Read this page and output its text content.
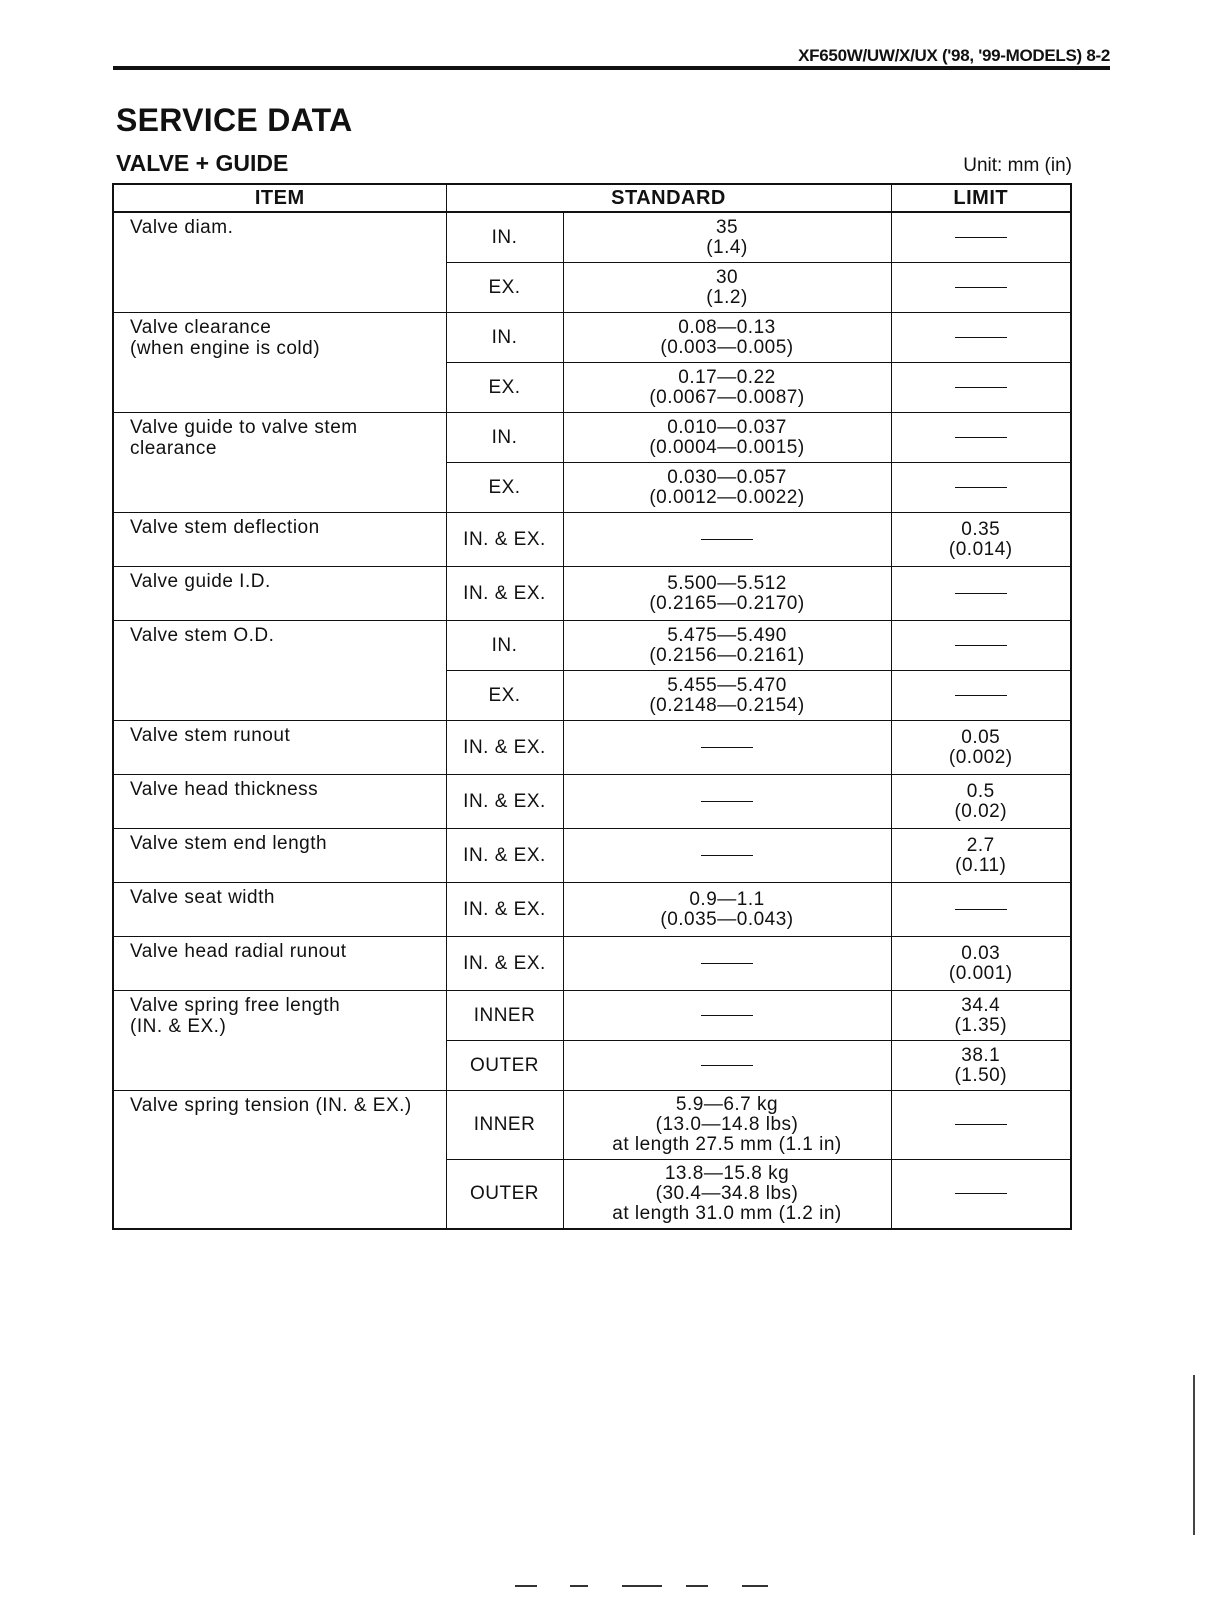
XF650W/UW/X/UX ('98, '99-MODELS) 8-2
SERVICE DATA
VALVE + GUIDE	Unit: mm (in)
ITEM	STANDARD		LIMIT

Valve diam.	IN.	35
(1.4)	

	EX.	30
(1.2)	

Valve clearance
(when engine is cold)	IN.	0.08—0.13
(0.003—0.005)	

	EX.	0.17—0.22
(0.0067—0.0087)	

Valve guide to valve stem
clearance	IN.	0.010—0.037
(0.0004—0.0015)	

	EX.	0.030—0.057
(0.0012—0.0022)	

Valve stem deflection	IN. & EX.		0.35
(0.014)

Valve guide I.D.	IN. & EX.	5.500—5.512
(0.2165—0.2170)	

Valve stem O.D.	IN.	5.475—5.490
(0.2156—0.2161)	

	EX.	5.455—5.470
(0.2148—0.2154)	

Valve stem runout	IN. & EX.		0.05
(0.002)

Valve head thickness	IN. & EX.		0.5
(0.02)

Valve stem end length	IN. & EX.		2.7
(0.11)

Valve seat width	IN. & EX.	0.9—1.1
(0.035—0.043)	

Valve head radial runout	IN. & EX.		0.03
(0.001)

Valve spring free length
(IN. & EX.)	INNER		34.4
(1.35)

	OUTER		38.1
(1.50)

Valve spring tension (IN. & EX.)	INNER	5.9—6.7 kg
(13.0—14.8 lbs)
at length 27.5 mm (1.1 in)	

	OUTER	13.8—15.8 kg
(30.4—34.8 lbs)
at length 31.0 mm (1.2 in)	
